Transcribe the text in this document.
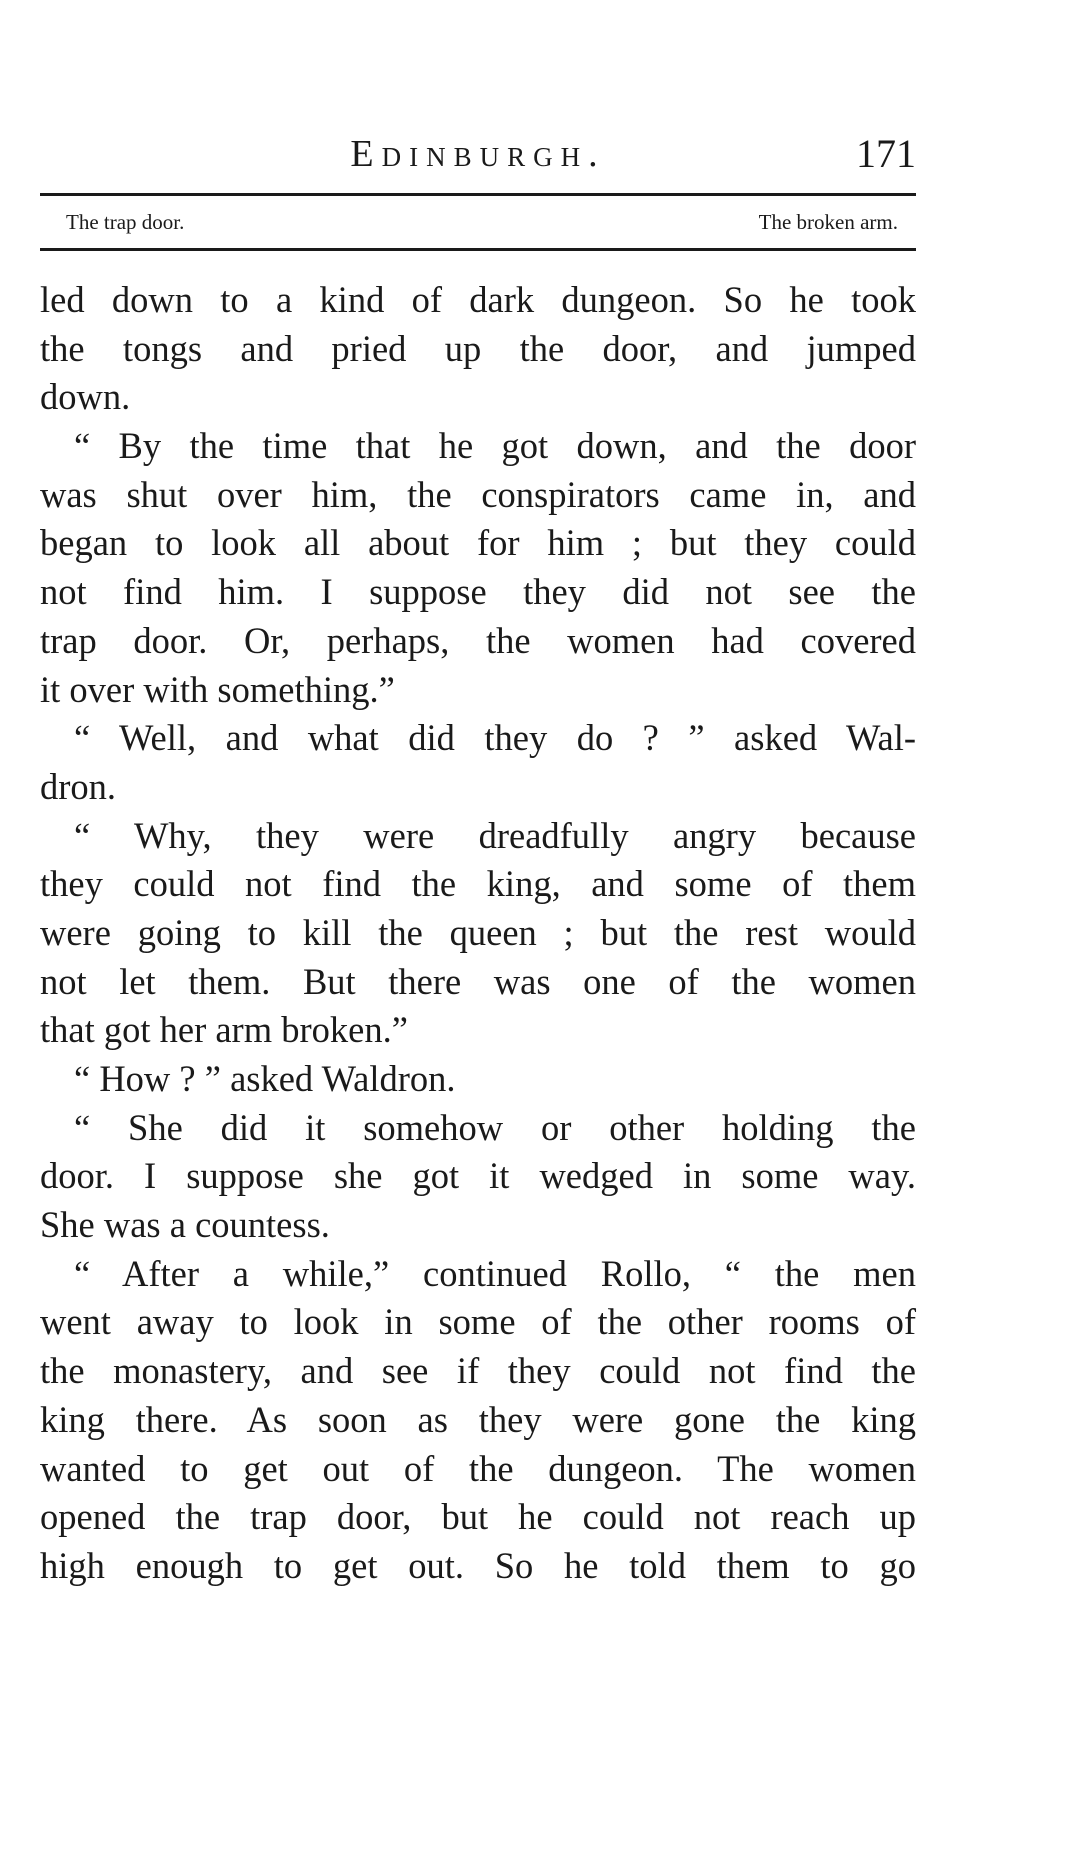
Edinburgh.	171
The trap door.	The broken arm.
led down to a kind of dark dungeon. So he took
the tongs and pried up the door, and jumped
down.
“ By the time that he got down, and the door
was shut over him, the conspirators came in, and
began to look all about for him ; but they could
not find him. I suppose they did not see the
trap door. Or, perhaps, the women had covered
it over with something.”
“ Well, and what did they do ? ” asked Wal-
dron.
“ Why, they were dreadfully angry because
they could not find the king, and some of them
were going to kill the queen ; but the rest would
not let them. But there was one of the women
that got her arm broken.”
“ How ? ” asked Waldron.
“ She did it somehow or other holding the
door. I suppose she got it wedged in some way.
She was a countess.
“ After a while,” continued Rollo, “ the men
went away to look in some of the other rooms of
the monastery, and see if they could not find the
king there. As soon as they were gone the king
wanted to get out of the dungeon. The women
opened the trap door, but he could not reach up
high enough to get out. So he told them to go
